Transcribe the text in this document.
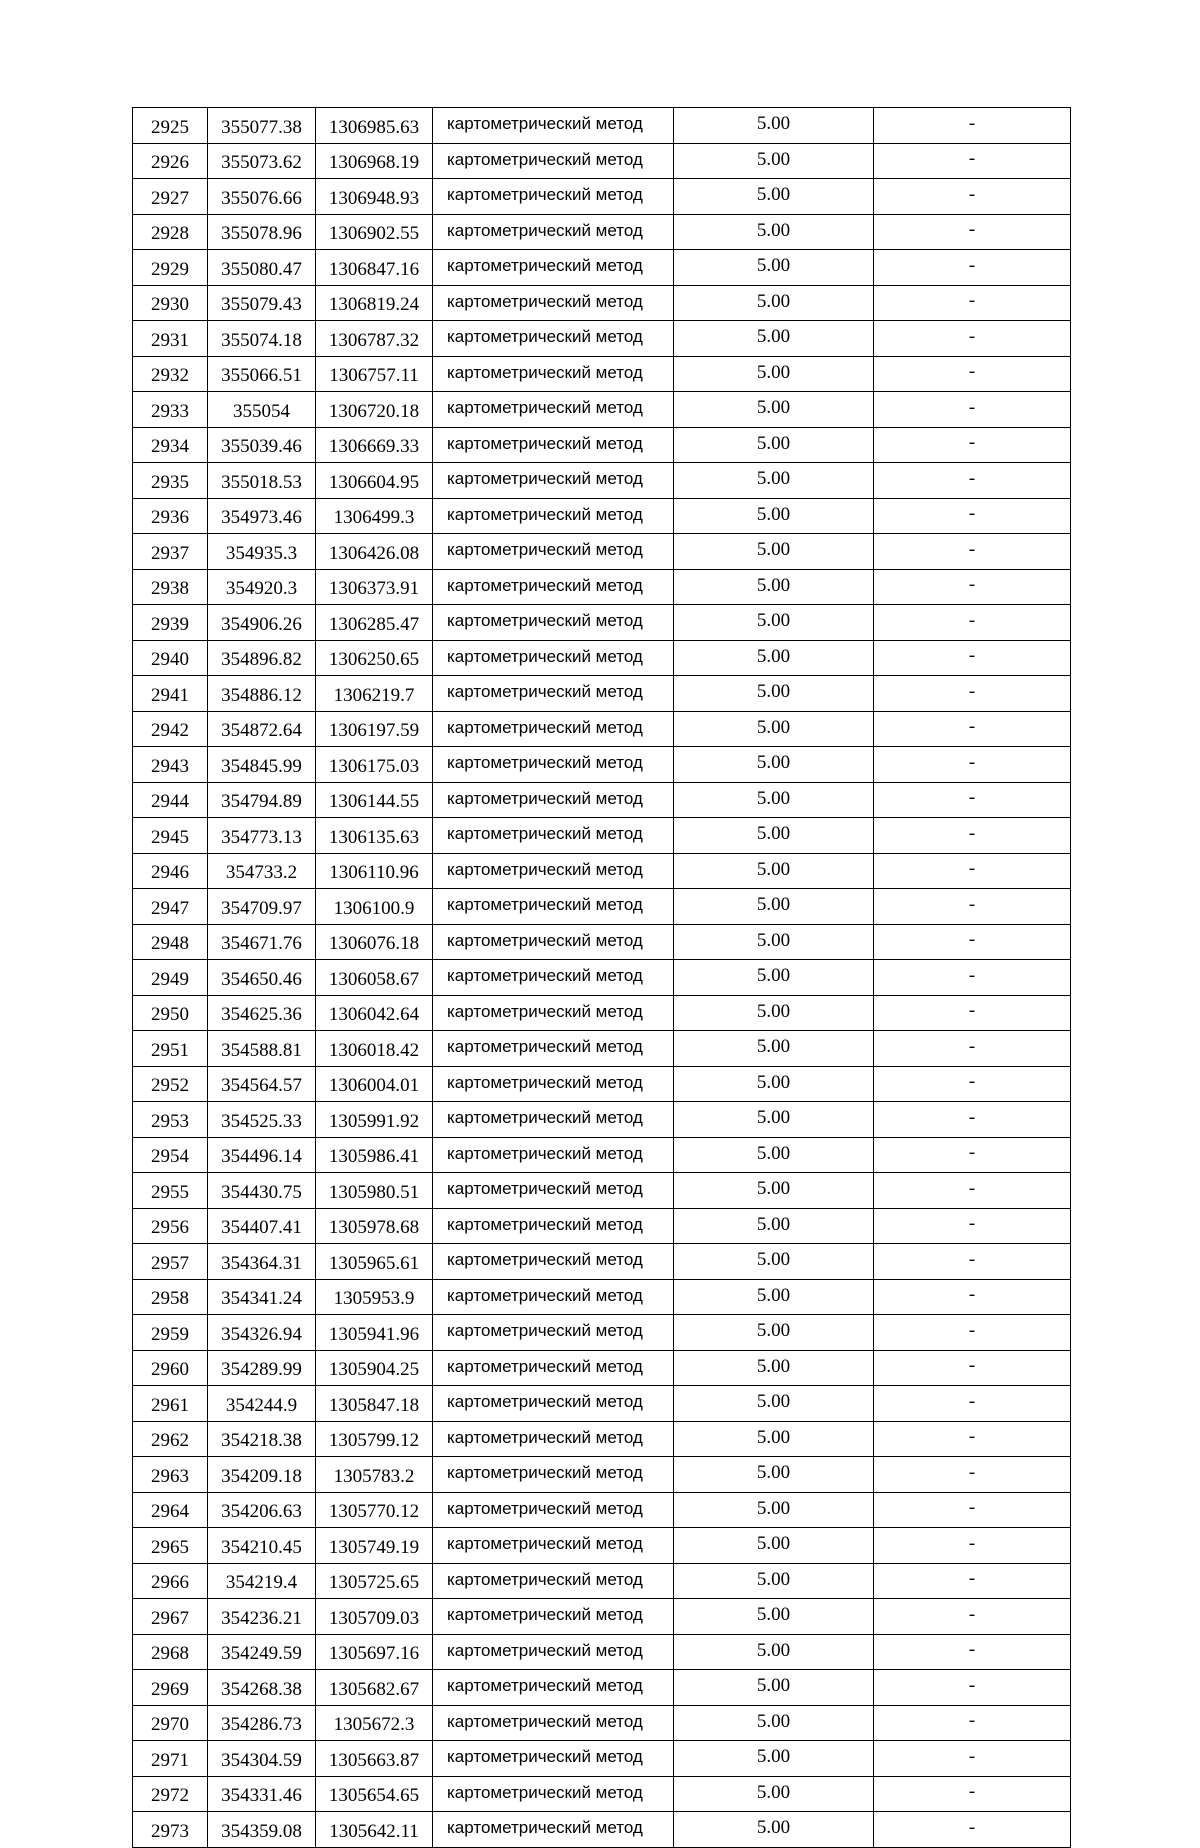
2925	355077.38	1306985.63	картометрический метод	5.00	-
2926	355073.62	1306968.19	картометрический метод	5.00	-
2927	355076.66	1306948.93	картометрический метод	5.00	-
2928	355078.96	1306902.55	картометрический метод	5.00	-
2929	355080.47	1306847.16	картометрический метод	5.00	-
2930	355079.43	1306819.24	картометрический метод	5.00	-
2931	355074.18	1306787.32	картометрический метод	5.00	-
2932	355066.51	1306757.11	картометрический метод	5.00	-
2933	355054	1306720.18	картометрический метод	5.00	-
2934	355039.46	1306669.33	картометрический метод	5.00	-
2935	355018.53	1306604.95	картометрический метод	5.00	-
2936	354973.46	1306499.3	картометрический метод	5.00	-
2937	354935.3	1306426.08	картометрический метод	5.00	-
2938	354920.3	1306373.91	картометрический метод	5.00	-
2939	354906.26	1306285.47	картометрический метод	5.00	-
2940	354896.82	1306250.65	картометрический метод	5.00	-
2941	354886.12	1306219.7	картометрический метод	5.00	-
2942	354872.64	1306197.59	картометрический метод	5.00	-
2943	354845.99	1306175.03	картометрический метод	5.00	-
2944	354794.89	1306144.55	картометрический метод	5.00	-
2945	354773.13	1306135.63	картометрический метод	5.00	-
2946	354733.2	1306110.96	картометрический метод	5.00	-
2947	354709.97	1306100.9	картометрический метод	5.00	-
2948	354671.76	1306076.18	картометрический метод	5.00	-
2949	354650.46	1306058.67	картометрический метод	5.00	-
2950	354625.36	1306042.64	картометрический метод	5.00	-
2951	354588.81	1306018.42	картометрический метод	5.00	-
2952	354564.57	1306004.01	картометрический метод	5.00	-
2953	354525.33	1305991.92	картометрический метод	5.00	-
2954	354496.14	1305986.41	картометрический метод	5.00	-
2955	354430.75	1305980.51	картометрический метод	5.00	-
2956	354407.41	1305978.68	картометрический метод	5.00	-
2957	354364.31	1305965.61	картометрический метод	5.00	-
2958	354341.24	1305953.9	картометрический метод	5.00	-
2959	354326.94	1305941.96	картометрический метод	5.00	-
2960	354289.99	1305904.25	картометрический метод	5.00	-
2961	354244.9	1305847.18	картометрический метод	5.00	-
2962	354218.38	1305799.12	картометрический метод	5.00	-
2963	354209.18	1305783.2	картометрический метод	5.00	-
2964	354206.63	1305770.12	картометрический метод	5.00	-
2965	354210.45	1305749.19	картометрический метод	5.00	-
2966	354219.4	1305725.65	картометрический метод	5.00	-
2967	354236.21	1305709.03	картометрический метод	5.00	-
2968	354249.59	1305697.16	картометрический метод	5.00	-
2969	354268.38	1305682.67	картометрический метод	5.00	-
2970	354286.73	1305672.3	картометрический метод	5.00	-
2971	354304.59	1305663.87	картометрический метод	5.00	-
2972	354331.46	1305654.65	картометрический метод	5.00	-
2973	354359.08	1305642.11	картометрический метод	5.00	-
